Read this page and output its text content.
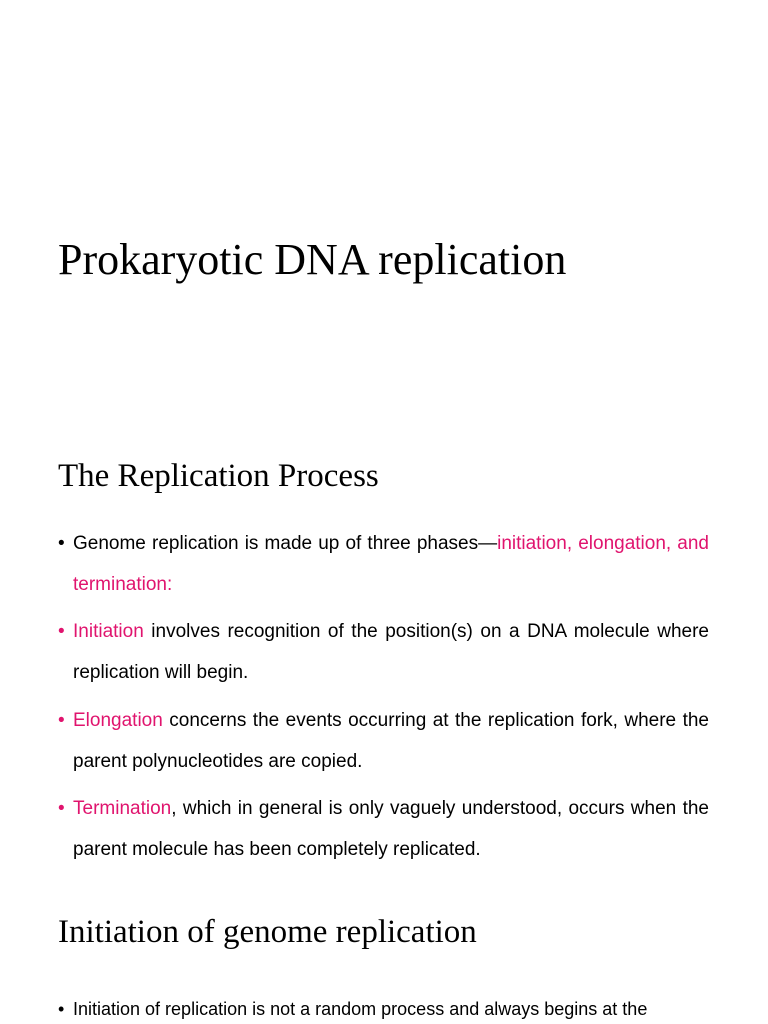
Prokaryotic DNA replication
The Replication Process
• Genome replication is made up of three phases—initiation, elongation, and termination:
• Initiation involves recognition of the position(s) on a DNA molecule where replication will begin.
• Elongation concerns the events occurring at the replication fork, where the parent polynucleotides are copied.
• Termination, which in general is only vaguely understood, occurs when the parent molecule has been completely replicated.
Initiation of genome replication
• Initiation of replication is not a random process and always begins at the
